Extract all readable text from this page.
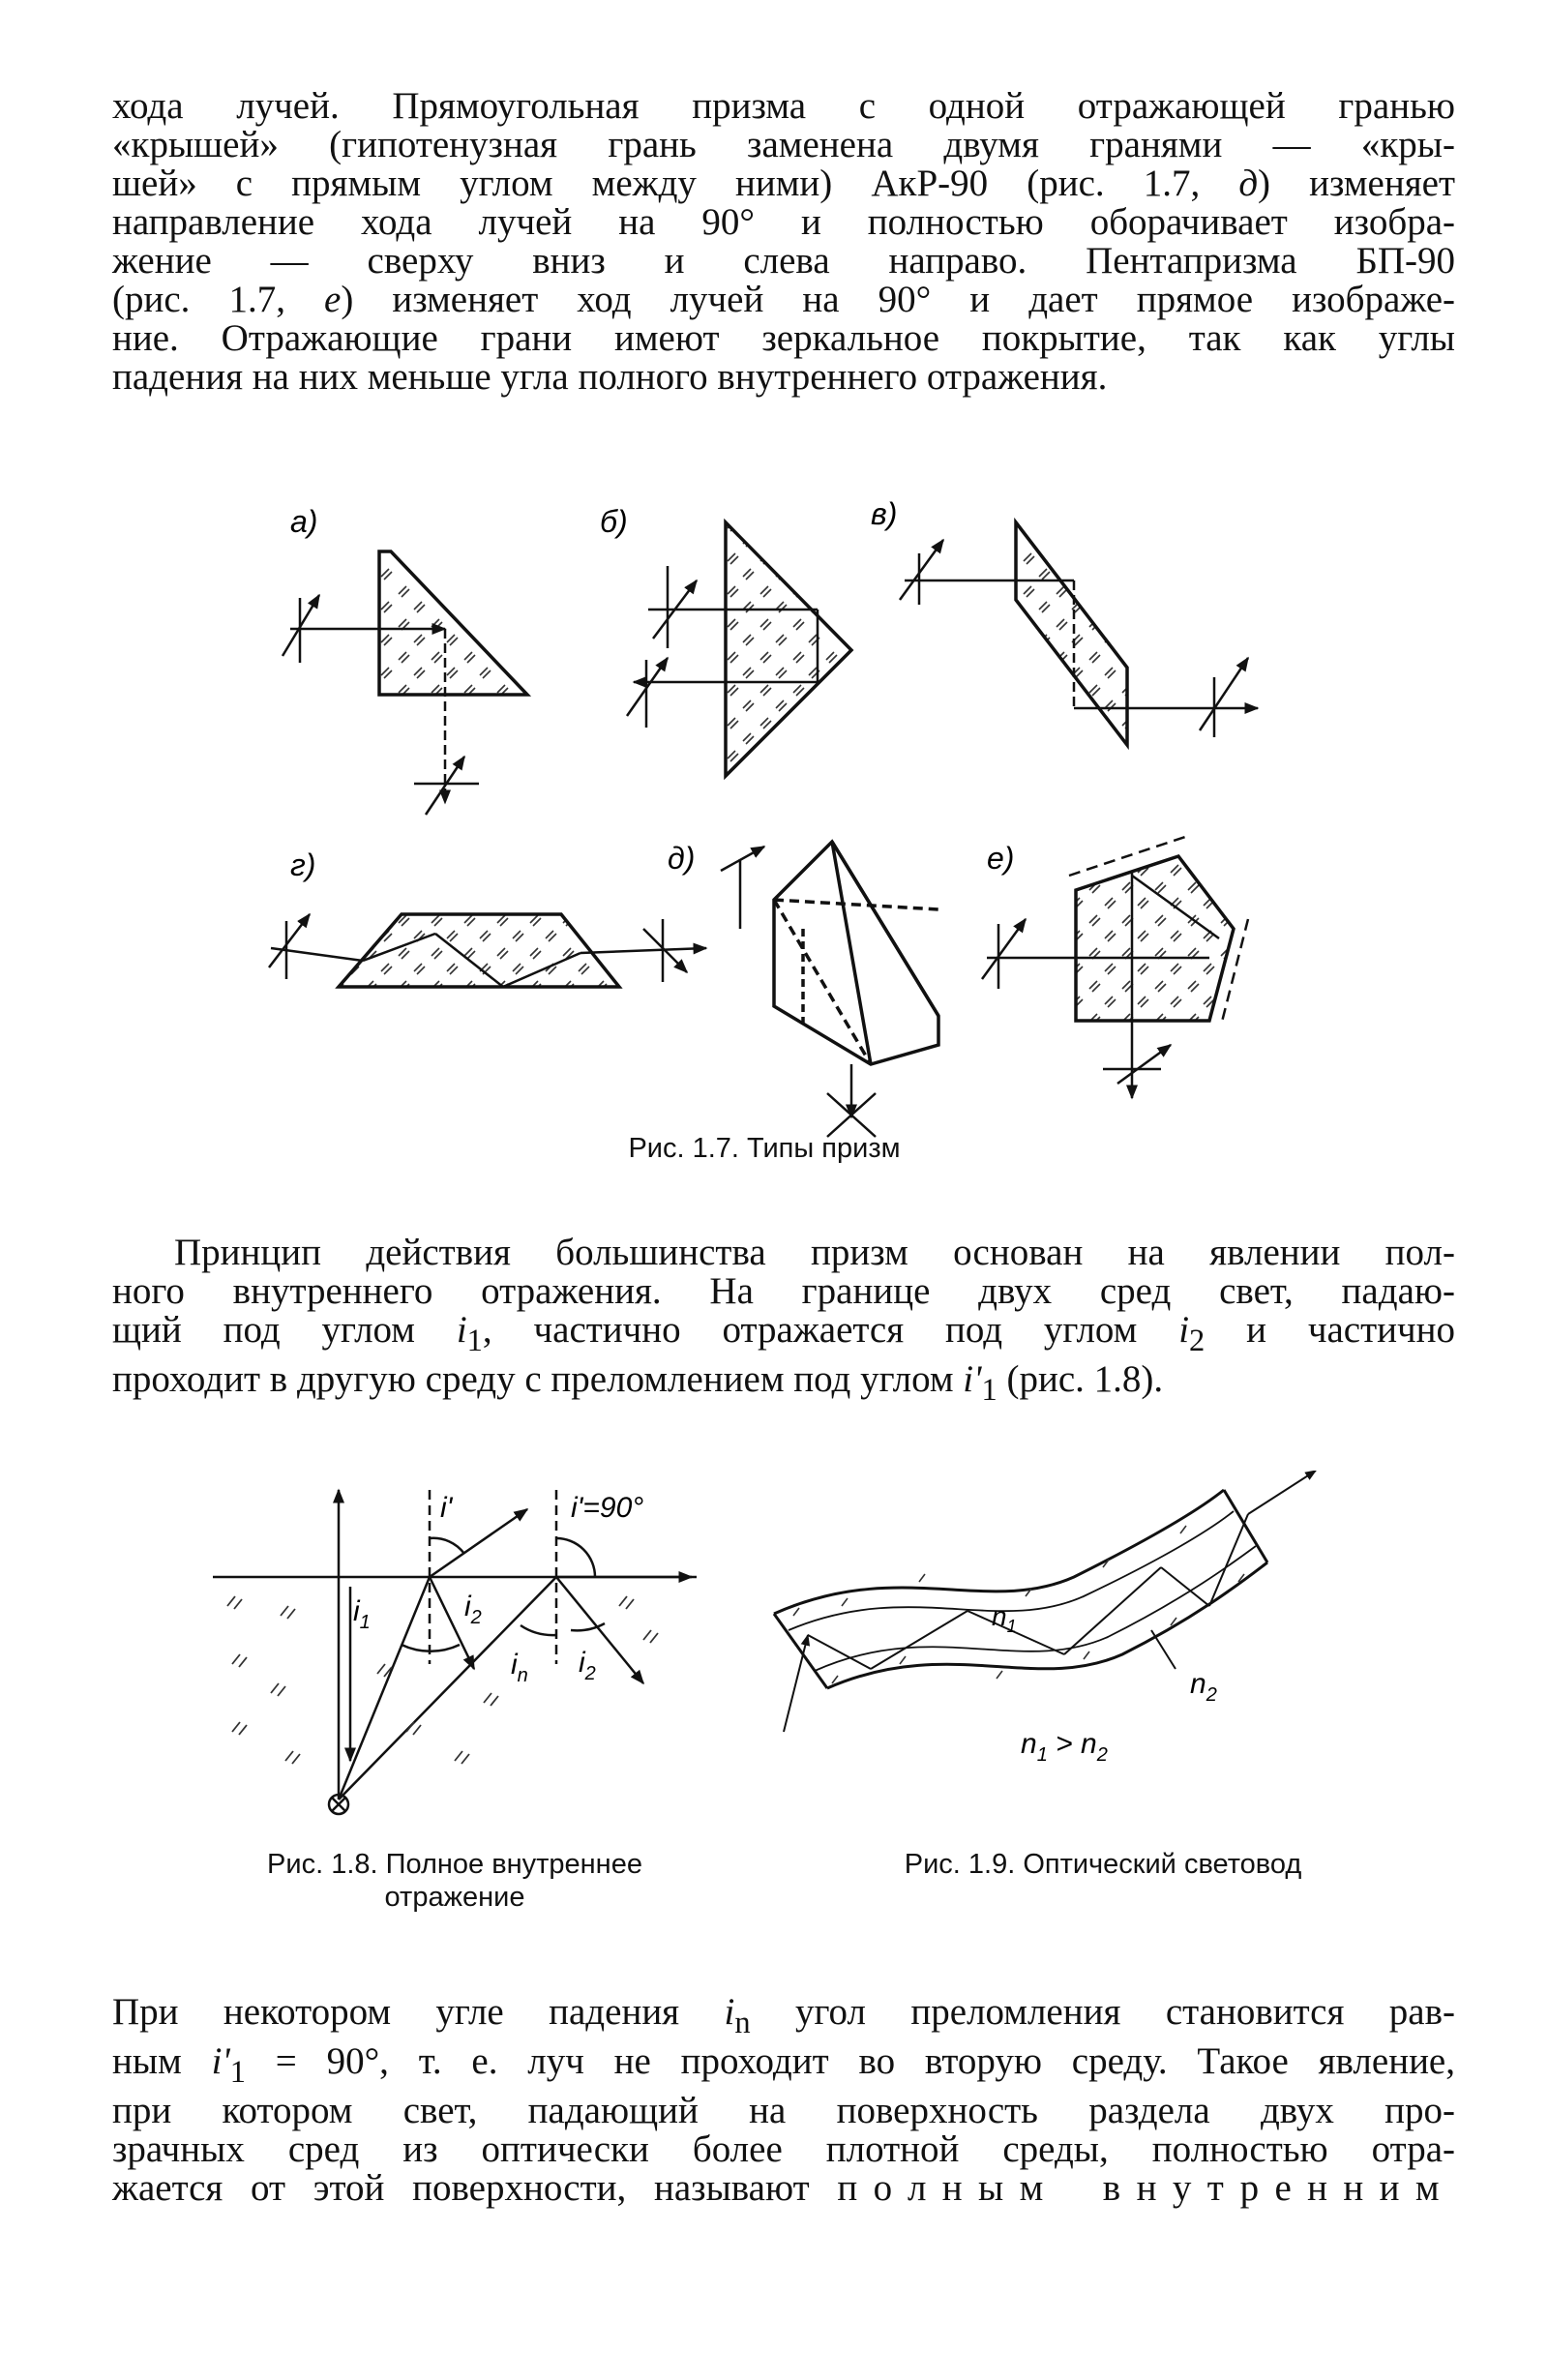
хода лучей. Прямоугольная призма с одной отражающей гранью
«крышей» (гипотенузная грань заменена двумя гранями — «кры-
шей» с прямым углом между ними) АкР-90 (рис. 1.7, д) изменяет
направление хода лучей на 90° и полностью оборачивает изобра-
жение — сверху вниз и слева направо. Пентапризма БП-90
(рис. 1.7, е) изменяет ход лучей на 90° и дает прямое изображе-
ние. Отражающие грани имеют зеркальное покрытие, так как углы
падения на них меньше угла полного внутреннего отражения.
а)	б)	в)
г)	д)	е)
Рис. 1.7. Типы призм
Принцип действия большинства призм основан на явлении пол-
ного внутреннего отражения. На границе двух сред свет, падаю-
щий под углом $i_1$, частично отражается под углом $i_2$ и частично
проходит в другую среду с преломлением под углом $i'_1$ (рис. 1.8).
i'	i'=90°
$i_1$	$i_2$
$i_n$ $i_2$
$n_1$
$n_2$
$n_1 > n_2$
Рис. 1.8. Полное внутреннее
отражение
Рис. 1.9. Оптический световод
При некотором угле падения $i_n$ угол преломления становится рав-
ным $i'_1 = 90^\circ$, т. е. луч не проходит во вторую среду. Такое явление,
при котором свет, падающий на поверхность раздела двух про-
зрачных сред из оптически более плотной среды, полностью отра-
жается от этой поверхности, называют полным внутренним
